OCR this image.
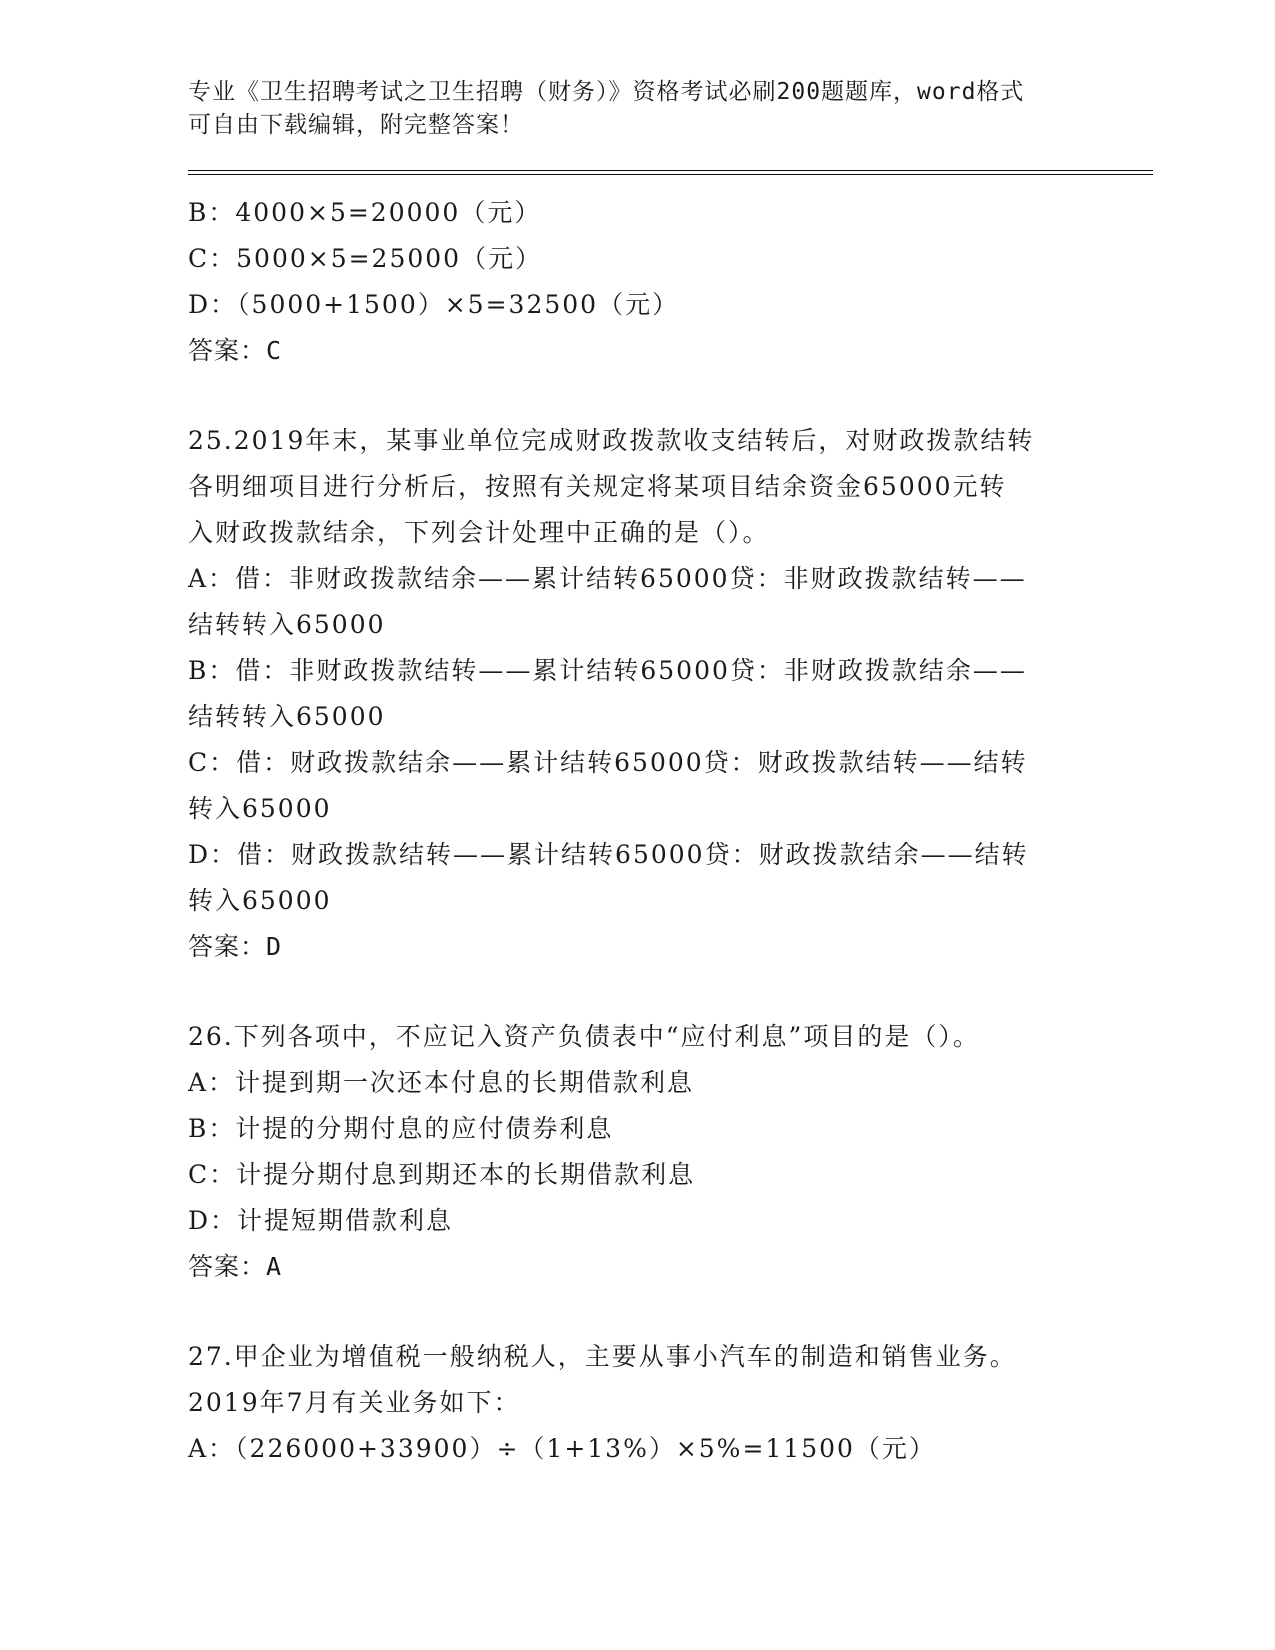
专业《卫生招聘考试之卫生招聘（财务）》资格考试必刷200题题库，word格式
可自由下载编辑，附完整答案！
B：4000×5=20000（元）
C：5000×5=25000（元）
D：（5000+1500）×5=32500（元）
答案：C
25.2019年末，某事业单位完成财政拨款收支结转后，对财政拨款结转
各明细项目进行分析后，按照有关规定将某项目结余资金65000元转
入财政拨款结余，下列会计处理中正确的是（）。
A：借：非财政拨款结余——累计结转65000贷：非财政拨款结转——
结转转入65000
B：借：非财政拨款结转——累计结转65000贷：非财政拨款结余——
结转转入65000
C：借：财政拨款结余——累计结转65000贷：财政拨款结转——结转
转入65000
D：借：财政拨款结转——累计结转65000贷：财政拨款结余——结转
转入65000
答案：D
26.下列各项中，不应记入资产负债表中“应付利息”项目的是（）。
A：计提到期一次还本付息的长期借款利息
B：计提的分期付息的应付债券利息
C：计提分期付息到期还本的长期借款利息
D：计提短期借款利息
答案：A
27.甲企业为增值税一般纳税人，主要从事小汽车的制造和销售业务。
2019年7月有关业务如下：
A：（226000+33900）÷（1+13%）×5%=11500（元）
